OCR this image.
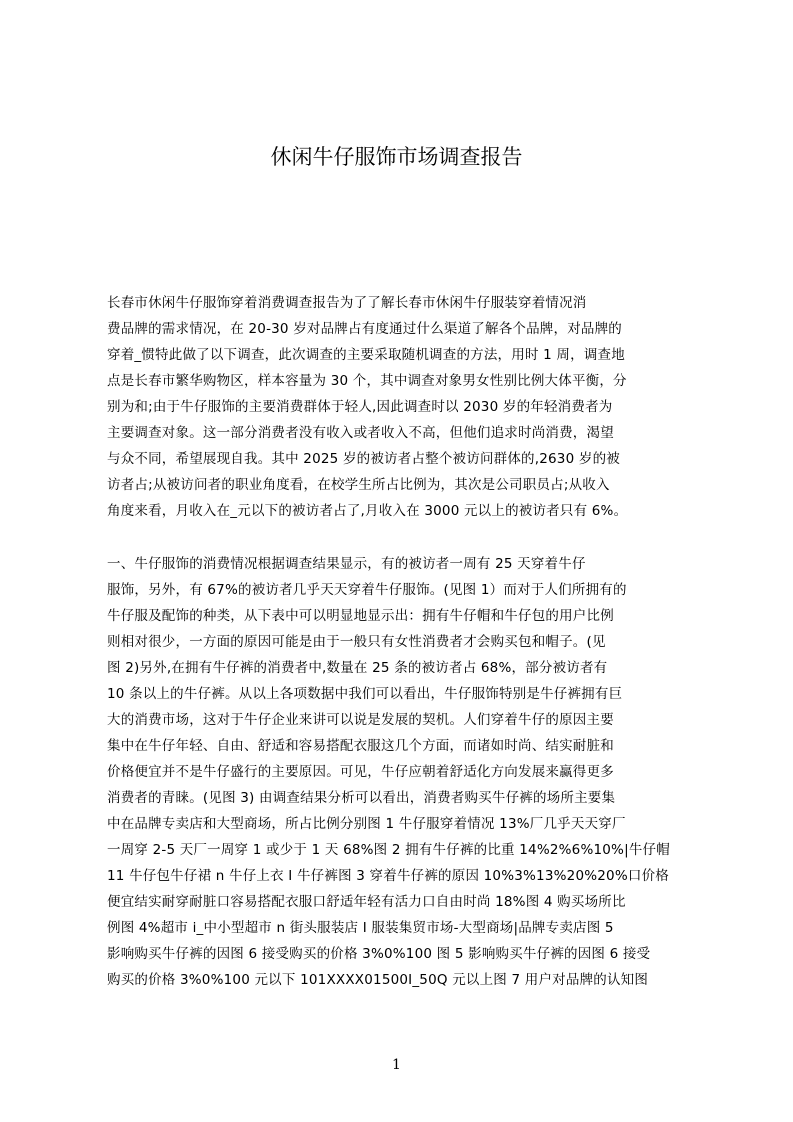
休闲牛仔服饰市场调查报告
长春市休闲牛仔服饰穿着消费调查报告为了了解长春市休闲牛仔服装穿着情况消
费品牌的需求情况，在 20-30 岁对品牌占有度通过什么渠道了解各个品牌，对品牌的
穿着_惯特此做了以下调查，此次调查的主要采取随机调查的方法，用时 1 周，调查地
点是长春市繁华购物区，样本容量为 30 个，其中调查对象男女性别比例大体平衡，分
别为和;由于牛仔服饰的主要消费群体于轻人,因此调查时以 2030 岁的年轻消费者为
主要调查对象。这一部分消费者没有收入或者收入不高，但他们追求时尚消费，渴望
与众不同，希望展现自我。其中 2025 岁的被访者占整个被访问群体的,2630 岁的被
访者占;从被访问者的职业角度看，在校学生所占比例为，其次是公司职员占;从收入
角度来看，月收入在_元以下的被访者占了,月收入在 3000 元以上的被访者只有 6%。
一、牛仔服饰的消费情况根据调查结果显示，有的被访者一周有 25 天穿着牛仔
服饰，另外，有 67%的被访者几乎天天穿着牛仔服饰。(见图 1）而对于人们所拥有的
牛仔服及配饰的种类，从下表中可以明显地显示出：拥有牛仔帽和牛仔包的用户比例
则相对很少，一方面的原因可能是由于一般只有女性消费者才会购买包和帽子。(见
图 2)另外,在拥有牛仔裤的消费者中,数量在 25 条的被访者占 68%，部分被访者有
10 条以上的牛仔裤。从以上各项数据中我们可以看出，牛仔服饰特别是牛仔裤拥有巨
大的消费市场，这对于牛仔企业来讲可以说是发展的契机。人们穿着牛仔的原因主要
集中在牛仔年轻、自由、舒适和容易搭配衣服这几个方面，而诸如时尚、结实耐脏和
价格便宜并不是牛仔盛行的主要原因。可见，牛仔应朝着舒适化方向发展来赢得更多
消费者的青睐。(见图 3) 由调查结果分析可以看出，消费者购买牛仔裤的场所主要集
中在品牌专卖店和大型商场，所占比例分别图 1 牛仔服穿着情况 13%厂几乎天天穿厂
一周穿 2-5 天厂一周穿 1 或少于 1 天 68%图 2 拥有牛仔裤的比重 14%2%6%10%|牛仔帽
11 牛仔包牛仔裙 n 牛仔上衣 I 牛仔裤图 3 穿着牛仔裤的原因 10%3%13%20%20%口价格
便宜结实耐穿耐脏口容易搭配衣服口舒适年轻有活力口自由时尚 18%图 4 购买场所比
例图 4%超市 i_中小型超市 n 街头服装店 I 服装集贸市场-大型商场|品牌专卖店图 5
影响购买牛仔裤的因图 6 接受购买的价格 3%0%100 图 5 影响购买牛仔裤的因图 6 接受
购买的价格 3%0%100 元以下 101XXXX01500I_50Q 元以上图 7 用户对品牌的认知图
1
